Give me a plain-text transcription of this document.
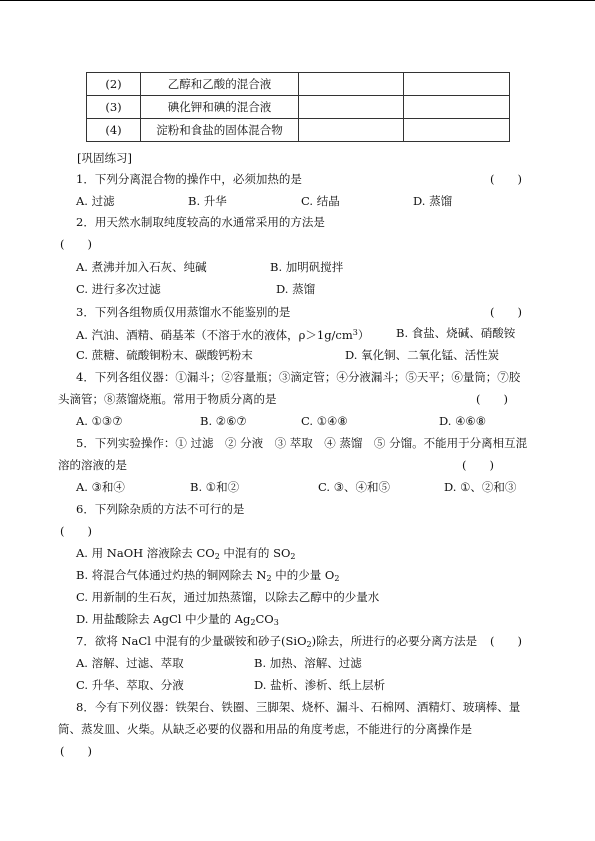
(2)	乙醇和乙酸的混合液		
(3)	碘化钾和碘的混合液		
(4)	淀粉和食盐的固体混合物		
[巩固练习]
1．下列分离混合物的操作中，必须加热的是	(　　)
A. 过滤	B. 升华	C. 结晶	D. 蒸馏
2．用天然水制取纯度较高的水通常采用的方法是
(　　)
A. 煮沸并加入石灰、纯碱	B. 加明矾搅拌
C. 进行多次过滤	D. 蒸馏
3．下列各组物质仅用蒸馏水不能鉴别的是	(　　)
A. 汽油、酒精、硝基苯（不溶于水的液体，$\rho>1g/cm^3$） B. 食盐、烧碱、硝酸铵
C. 蔗糖、硫酸铜粉末、碳酸钙粉末	D. 氧化铜、二氧化锰、活性炭
4．下列各组仪器：①漏斗；②容量瓶；③滴定管；④分液漏斗；⑤天平；⑥量筒；⑦胶
头滴管；⑧蒸馏烧瓶。常用于物质分离的是	(　　)
A. ①③⑦	B. ②⑥⑦	C. ①④⑧	D. ④⑥⑧
5．下列实验操作：① 过滤　② 分液　③ 萃取　④ 蒸馏　⑤ 分馏。不能用于分离相互混
溶的溶液的是	(　　)
A. ③和④	B. ①和②	C. ③、④和⑤	D. ①、②和③
6．下列除杂质的方法不可行的是
(　　)
A. 用 NaOH 溶液除去 $CO_2$ 中混有的 $SO_2$
B. 将混合气体通过灼热的铜网除去 $N_2$ 中的少量 $O_2$
C. 用新制的生石灰，通过加热蒸馏，以除去乙醇中的少量水
D. 用盐酸除去 AgCl 中少量的 $Ag_2CO_3$
7．欲将 NaCl 中混有的少量碳铵和砂子(SiO$_2$)除去，所进行的必要分离方法是 (　　)
A. 溶解、过滤、萃取	B. 加热、溶解、过滤
C. 升华、萃取、分液	D. 盐析、渗析、纸上层析
8．今有下列仪器：铁架台、铁圈、三脚架、烧杯、漏斗、石棉网、酒精灯、玻璃棒、量
筒、蒸发皿、火柴。从缺乏必要的仪器和用品的角度考虑，不能进行的分离操作是
(　　)
